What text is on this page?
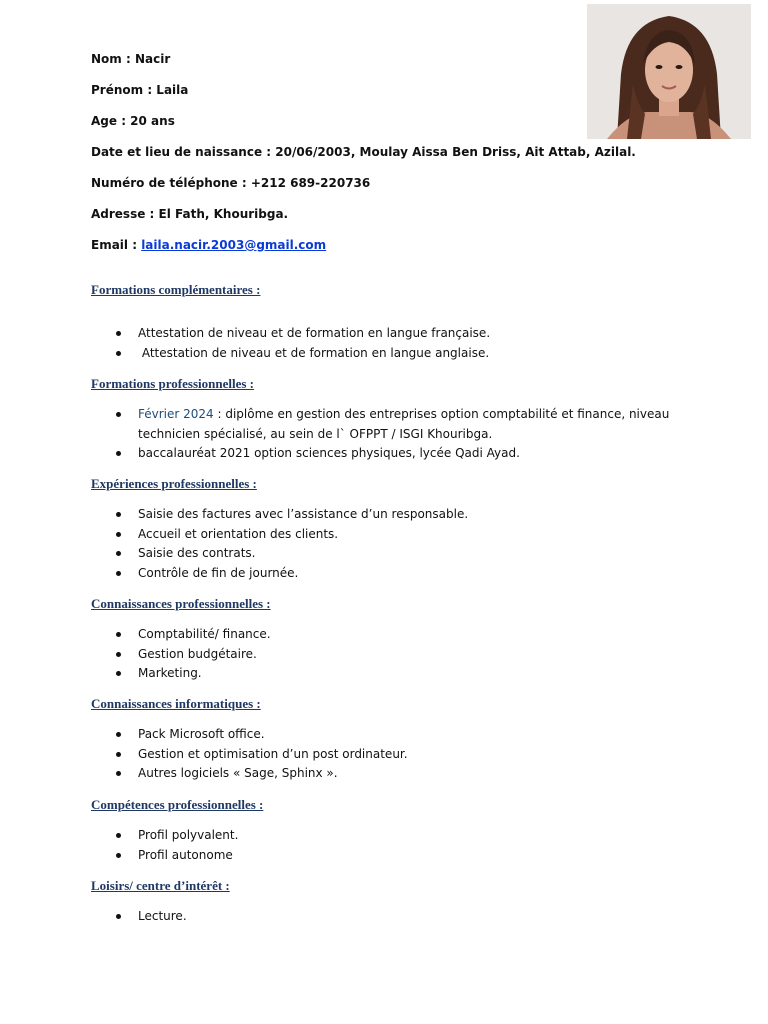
Nom : Nacir
Prénom : Laila
Age : 20 ans
Date et lieu de naissance : 20/06/2003, Moulay Aissa Ben Driss, Ait Attab, Azilal.
Numéro de téléphone : +212 689-220736
Adresse : El Fath, Khouribga.
Email : laila.nacir.2003@gmail.com
Formations complémentaires :
Attestation de niveau et de formation en langue française.
Attestation de niveau et de formation en langue anglaise.
Formations professionnelles :
Février 2024 : diplôme en gestion des entreprises option comptabilité et finance, niveau technicien spécialisé, au sein de l` OFPPT / ISGI Khouribga.
baccalauréat 2021 option sciences physiques, lycée Qadi Ayad.
Expériences professionnelles :
Saisie des factures avec l’assistance d’un responsable.
Accueil et orientation des clients.
Saisie des contrats.
Contrôle de fin de journée.
Connaissances professionnelles :
Comptabilité/ finance.
Gestion budgétaire.
Marketing.
Connaissances informatiques :
Pack Microsoft office.
Gestion et optimisation d’un post ordinateur.
Autres logiciels « Sage, Sphinx ».
Compétences professionnelles :
Profil polyvalent.
Profil autonome
Loisirs/ centre d’intérêt :
Lecture.
